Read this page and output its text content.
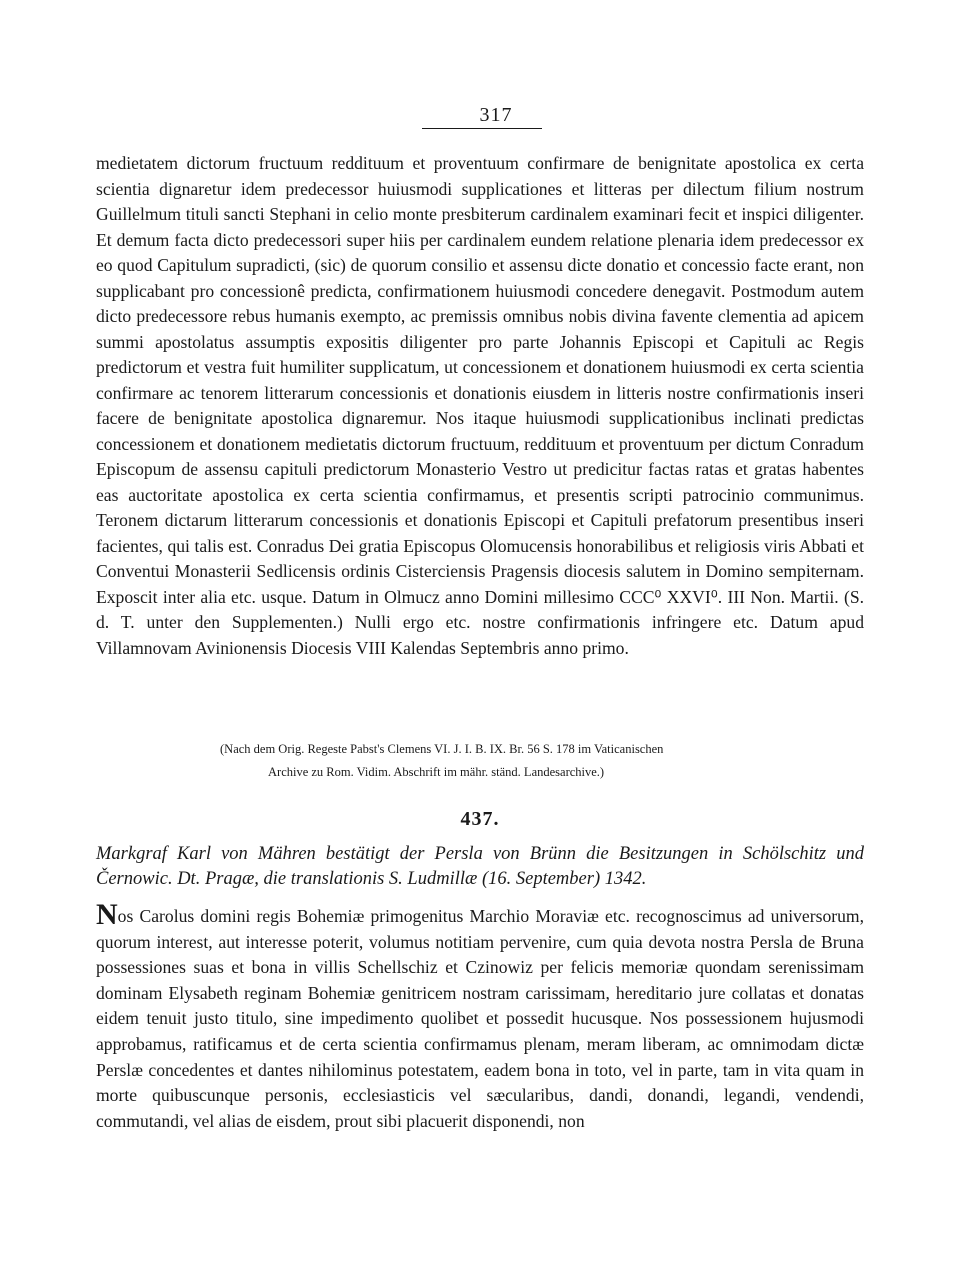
317

medietatem dictorum fructuum reddituum et proventuum confirmare de benignitate apostolica ex certa scientia dignaretur idem predecessor huiusmodi supplicationes et litteras per dilectum filium nostrum Guillelmum tituli sancti Stephani in celio monte presbiterum cardinalem examinari fecit et inspici diligenter. Et demum facta dicto predecessori super hiis per cardinalem eundem relatione plenaria idem predecessor ex eo quod Capitulum supradicti, (sic) de quorum consilio et assensu dicte donatio et concessio facte erant, non supplicabant pro concessionê predicta, confirmationem huiusmodi concedere denegavit. Postmodum autem dicto predecessore rebus humanis exempto, ac premissis omnibus nobis divina favente clementia ad apicem summi apostolatus assumptis expositis diligenter pro parte Johannis Episcopi et Capituli ac Regis predictorum et vestra fuit humiliter supplicatum, ut concessionem et donationem huiusmodi ex certa scientia confirmare ac tenorem litterarum concessionis et donationis eiusdem in litteris nostre confirmationis inseri facere de benignitate apostolica dignaremur. Nos itaque huiusmodi supplicationibus inclinati predictas concessionem et donationem medietatis dictorum fructuum, reddituum et proventuum per dictum Conradum Episcopum de assensu capituli predictorum Monasterio Vestro ut predicitur factas ratas et gratas habentes eas auctoritate apostolica ex certa scientia confirmamus, et presentis scripti patrocinio communimus. Teronem dictarum litterarum concessionis et donationis Episcopi et Capituli prefatorum presentibus inseri facientes, qui talis est. Conradus Dei gratia Episcopus Olomucensis honorabilibus et religiosis viris Abbati et Conventui Monasterii Sedlicensis ordinis Cisterciensis Pragensis diocesis salutem in Domino sempiternam. Exposcit inter alia etc. usque. Datum in Olmucz anno Domini millesimo CCC⁰ XXVI⁰. III Non. Martii. (S. d. T. unter den Supplementen.) Nulli ergo etc. nostre confirmationis infringere etc. Datum apud Villamnovam Avinionensis Diocesis VIII Kalendas Septembris anno primo.

(Nach dem Orig. Regeste Pabst's Clemens VI. J. I. B. IX. Br. 56 S. 178 im Vaticanischen
Archive zu Rom. Vidim. Abschrift im mähr. ständ. Landesarchive.)

437.

Markgraf Karl von Mähren bestätigt der Persla von Brünn die Besitzungen in Schölschitz und Černowic. Dt. Pragæ, die translationis S. Ludmillæ (16. September) 1342.

Nos Carolus domini regis Bohemiæ primogenitus Marchio Moraviæ etc. recognoscimus ad universorum, quorum interest, aut interesse poterit, volumus notitiam pervenire, cum quia devota nostra Persla de Bruna possessiones suas et bona in villis Schellschiz et Czinowiz per felicis memoriæ quondam serenissimam dominam Elysabeth reginam Bohemiæ genitricem nostram carissimam, hereditario jure collatas et donatas eidem tenuit justo titulo, sine impedimento quolibet et possedit hucusque. Nos possessionem hujusmodi approbamus, ratificamus et de certa scientia confirmamus plenam, meram liberam, ac omnimodam dictæ Perslæ concedentes et dantes nihilominus potestatem, eadem bona in toto, vel in parte, tam in vita quam in morte quibuscunque personis, ecclesiasticis vel sæcularibus, dandi, donandi, legandi, vendendi, commutandi, vel alias de eisdem, prout sibi placuerit disponendi, non
